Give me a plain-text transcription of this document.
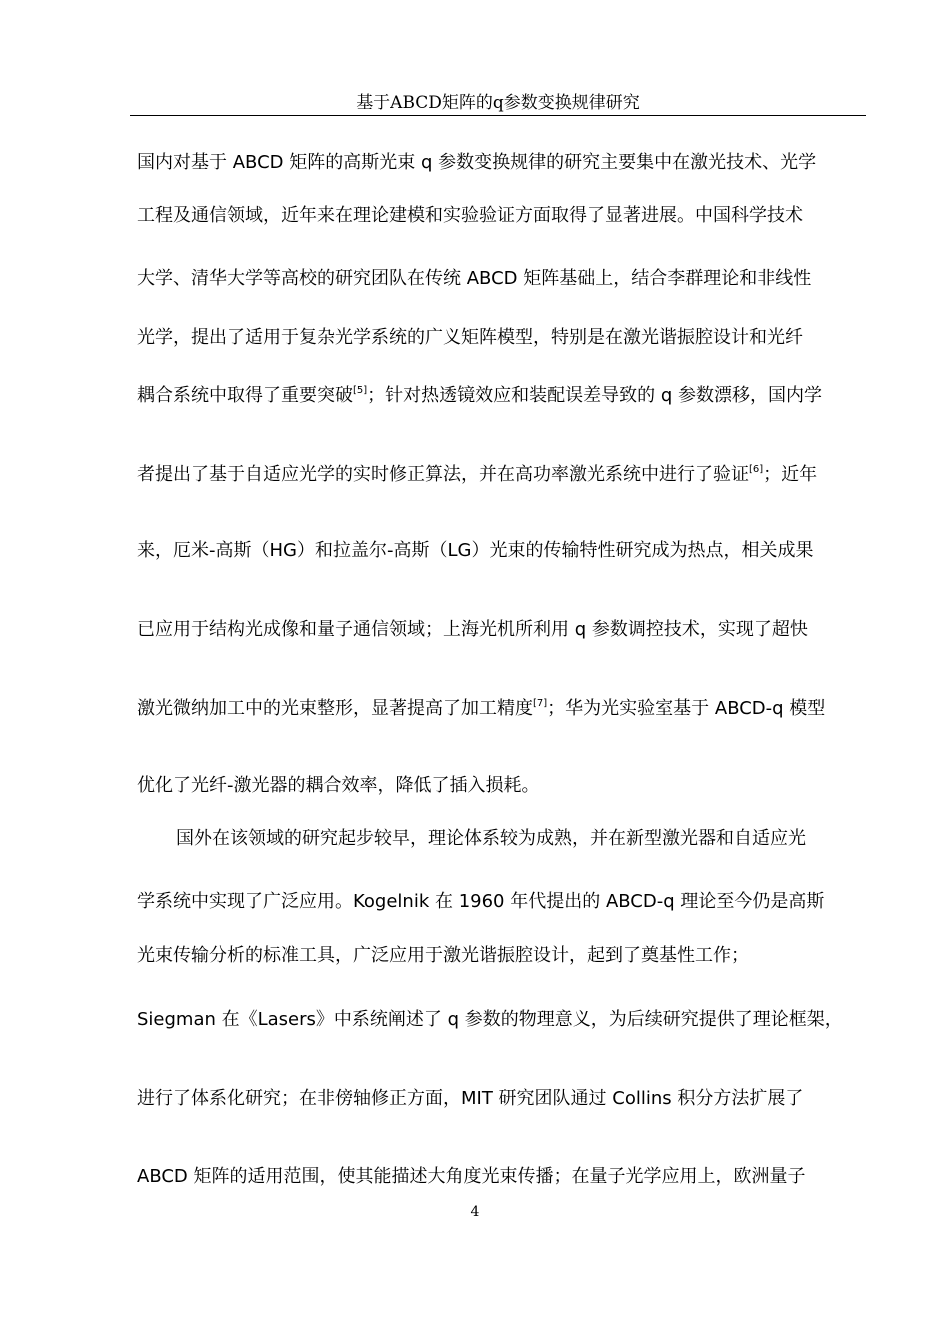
基于ABCD矩阵的q参数变换规律研究
国内对基于 ABCD 矩阵的高斯光束 q 参数变换规律的研究主要集中在激光技术、光学
工程及通信领域，近年来在理论建模和实验验证方面取得了显著进展。中国科学技术
大学、清华大学等高校的研究团队在传统 ABCD 矩阵基础上，结合李群理论和非线性
光学，提出了适用于复杂光学系统的广义矩阵模型，特别是在激光谐振腔设计和光纤
耦合系统中取得了重要突破[5]；针对热透镜效应和装配误差导致的 q 参数漂移，国内学
者提出了基于自适应光学的实时修正算法，并在高功率激光系统中进行了验证[6]；近年
来，厄米-高斯（HG）和拉盖尔-高斯（LG）光束的传输特性研究成为热点，相关成果
已应用于结构光成像和量子通信领域；上海光机所利用 q 参数调控技术，实现了超快
激光微纳加工中的光束整形，显著提高了加工精度[7]；华为光实验室基于 ABCD-q 模型
优化了光纤-激光器的耦合效率，降低了插入损耗。
国外在该领域的研究起步较早，理论体系较为成熟，并在新型激光器和自适应光
学系统中实现了广泛应用。Kogelnik 在 1960 年代提出的 ABCD-q 理论至今仍是高斯
光束传输分析的标准工具，广泛应用于激光谐振腔设计，起到了奠基性工作；
Siegman 在《Lasers》中系统阐述了 q 参数的物理意义，为后续研究提供了理论框架，
进行了体系化研究；在非傍轴修正方面，MIT 研究团队通过 Collins 积分方法扩展了
ABCD 矩阵的适用范围，使其能描述大角度光束传播；在量子光学应用上，欧洲量子
4
